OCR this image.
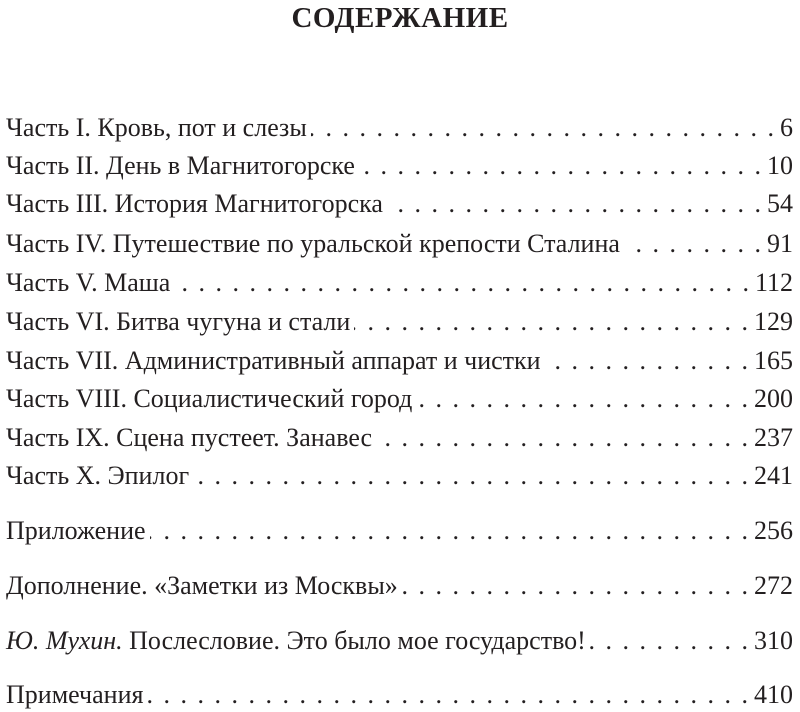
СОДЕРЖАНИЕ
Часть I. Кровь, пот и слезы . . .	6
Часть II. День в Магнитогорске . . .	10
Часть III. История Магнитогорска . . .	54
Часть IV. Путешествие по уральской крепости Сталина . . .	91
Часть V. Маша . . .	112
Часть VI. Битва чугуна и стали . . .	129
Часть VII. Административный аппарат и чистки . . .	165
Часть VIII. Социалистический город . . .	200
Часть IX. Сцена пустеет. Занавес . . .	237
Часть X. Эпилог . . .	241
Приложение . . .	256
Дополнение. «Заметки из Москвы» . . .	272
Ю. Мухин. Послесловие. Это было мое государство! . . .	310
Примечания . . .	410
